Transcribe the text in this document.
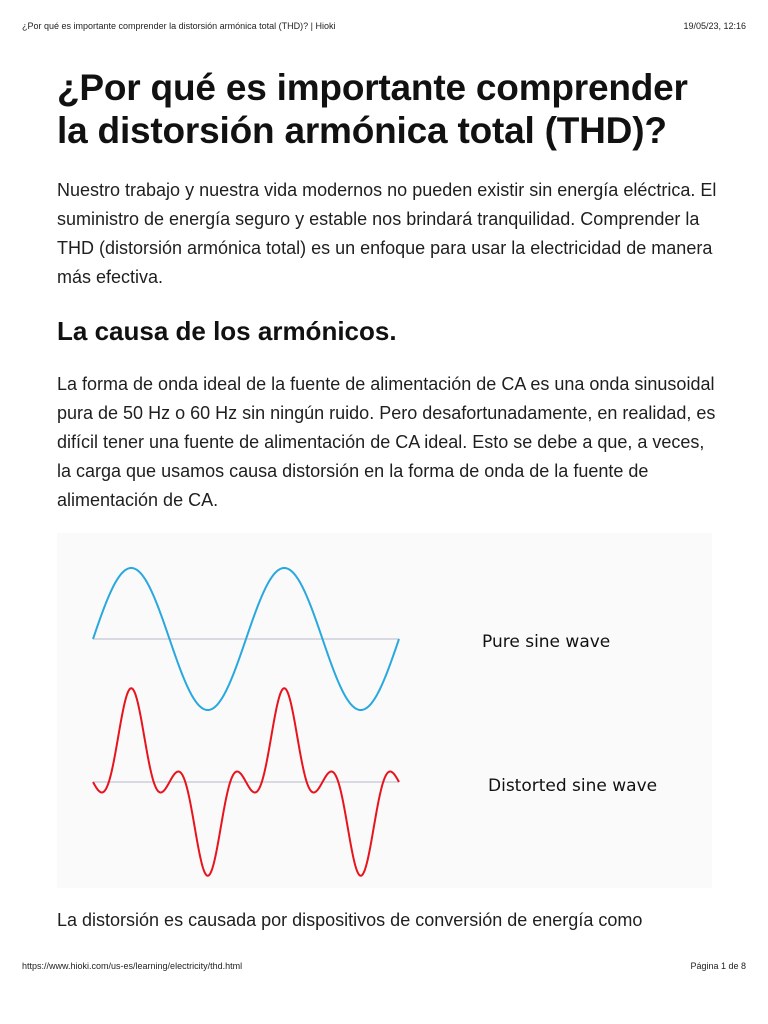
¿Por qué es importante comprender la distorsión armónica total (THD)? | Hioki	19/05/23, 12:16
¿Por qué es importante comprender la distorsión armónica total (THD)?

Nuestro trabajo y nuestra vida modernos no pueden existir sin energía eléctrica. El suministro de energía seguro y estable nos brindará tranquilidad. Comprender la THD (distorsión armónica total) es un enfoque para usar la electricidad de manera más efectiva.

La causa de los armónicos.

La forma de onda ideal de la fuente de alimentación de CA es una onda sinusoidal pura de 50 Hz o 60 Hz sin ningún ruido. Pero desafortunadamente, en realidad, es difícil tener una fuente de alimentación de CA ideal. Esto se debe a que, a veces, la carga que usamos causa distorsión en la forma de onda de la fuente de alimentación de CA.

Pure sine wave
Distorted sine wave

La distorsión es causada por dispositivos de conversión de energía como

https://www.hioki.com/us-es/learning/electricity/thd.html	Página 1 de 8
